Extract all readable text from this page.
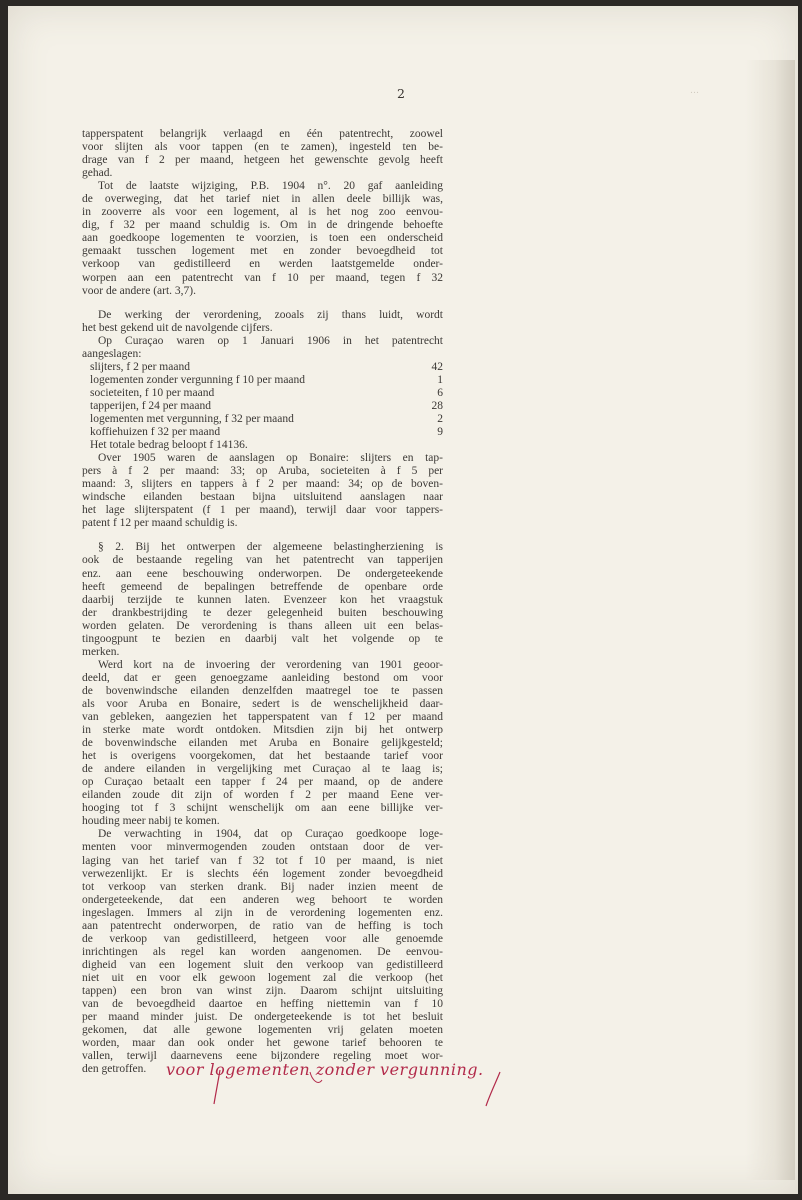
2	…
tapperspatent belangrijk verlaagd en één patentrecht, zoowel
voor slijten als voor tappen (en te zamen), ingesteld ten be-
drage van f 2 per maand, hetgeen het gewenschte gevolg heeft
gehad.
Tot de laatste wijziging, P.B. 1904 n°. 20 gaf aanleiding
de overweging, dat het tarief niet in allen deele billijk was,
in zooverre als voor een logement, al is het nog zoo eenvou-
dig, f 32 per maand schuldig is. Om in de dringende behoefte
aan goedkoope logementen te voorzien, is toen een onderscheid
gemaakt tusschen logement met en zonder bevoegdheid tot
verkoop van gedistilleerd en werden laatstgemelde onder-
worpen aan een patentrecht van f 10 per maand, tegen f 32
voor de andere (art. 3,7).
De werking der verordening, zooals zij thans luidt, wordt
het best gekend uit de navolgende cijfers.
Op Curaçao waren op 1 Januari 1906 in het patentrecht
aangeslagen:
slijters, f 2 per maand	42
logementen zonder vergunning f 10 per maand	1
societeiten, f 10 per maand	6
tapperijen, f 24 per maand	28
logementen met vergunning, f 32 per maand	2
koffiehuizen f 32 per maand	9
Het totale bedrag beloopt f 14136.
Over 1905 waren de aanslagen op Bonaire: slijters en tap-
pers à f 2 per maand: 33; op Aruba, societeiten à f 5 per
maand: 3, slijters en tappers à f 2 per maand: 34; op de boven-
windsche eilanden bestaan bijna uitsluitend aanslagen naar
het lage slijterspatent (f 1 per maand), terwijl daar voor tappers-
patent f 12 per maand schuldig is.
§ 2. Bij het ontwerpen der algemeene belastingherziening is
ook de bestaande regeling van het patentrecht van tapperijen
enz. aan eene beschouwing onderworpen. De ondergeteekende
heeft gemeend de bepalingen betreffende de openbare orde
daarbij terzijde te kunnen laten. Evenzeer kon het vraagstuk
der drankbestrijding te dezer gelegenheid buiten beschouwing
worden gelaten. De verordening is thans alleen uit een belas-
tingoogpunt te bezien en daarbij valt het volgende op te
merken.
Werd kort na de invoering der verordening van 1901 geoor-
deeld, dat er geen genoegzame aanleiding bestond om voor
de bovenwindsche eilanden denzelfden maatregel toe te passen
als voor Aruba en Bonaire, sedert is de wenschelijkheid daar-
van gebleken, aangezien het tapperspatent van f 12 per maand
in sterke mate wordt ontdoken. Mitsdien zijn bij het ontwerp
de bovenwindsche eilanden met Aruba en Bonaire gelijkgesteld;
het is overigens voorgekomen, dat het bestaande tarief voor
de andere eilanden in vergelijking met Curaçao al te laag is;
op Curaçao betaalt een tapper f 24 per maand, op de andere
eilanden zoude dit zijn of worden f 2 per maand Eene ver-
hooging tot f 3 schijnt wenschelijk om aan eene billijke ver-
houding meer nabij te komen.
De verwachting in 1904, dat op Curaçao goedkoope loge-
menten voor minvermogenden zouden ontstaan door de ver-
laging van het tarief van f 32 tot f 10 per maand, is niet
verwezenlijkt. Er is slechts één logement zonder bevoegdheid
tot verkoop van sterken drank. Bij nader inzien meent de
ondergeteekende, dat een anderen weg behoort te worden
ingeslagen. Immers al zijn in de verordening logementen enz.
aan patentrecht onderworpen, de ratio van de heffing is toch
de verkoop van gedistilleerd, hetgeen voor alle genoemde
inrichtingen als regel kan worden aangenomen. De eenvou-
digheid van een logement sluit den verkoop van gedistilleerd
niet uit en voor elk gewoon logement zal die verkoop (het
tappen) een bron van winst zijn. Daarom schijnt uitsluiting
van de bevoegdheid daartoe en heffing niettemin van f 10
per maand minder juist. De ondergeteekende is tot het besluit
gekomen, dat alle gewone logementen vrij gelaten moeten
worden, maar dan ook onder het gewone tarief behooren te
vallen, terwijl daarnevens eene bijzondere regeling moet wor-
den getroffen.	voor logementen zonder vergunning.
